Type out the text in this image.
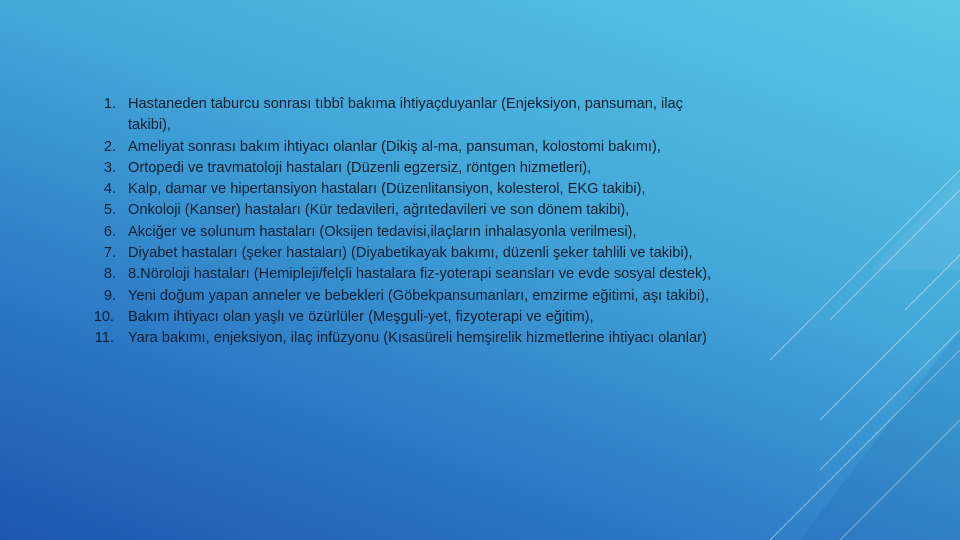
1. Hastaneden taburcu sonrası tıbbî bakıma ihtiyaçduyanlar (Enjeksiyon, pansuman, ilaç takibi),
2. Ameliyat sonrası bakım ihtiyacı olanlar (Dikiş al-ma, pansuman, kolostomi bakımı),
3. Ortopedi ve travmatoloji hastaları (Düzenli egzersiz, röntgen hizmetleri),
4. Kalp, damar ve hipertansiyon hastaları (Düzenlitansiyon, kolesterol, EKG takibi),
5. Onkoloji (Kanser) hastaları (Kür tedavileri, ağrıtedavileri ve son dönem takibi),
6. Akciğer ve solunum hastaları (Oksijen tedavisi,ilaçların inhalasyonla verilmesi),
7. Diyabet hastaları (şeker hastaları) (Diyabetikayak bakımı, düzenli şeker tahlili ve takibi),
8. 8.Nöroloji hastaları (Hemipleji/felçli hastalara fiz-yoterapi seansları ve evde sosyal destek),
9. Yeni doğum yapan anneler ve bebekleri (Göbekpansumanları, emzirme eğitimi, aşı takibi),
10. Bakım ihtiyacı olan yaşlı ve özürlüler (Meşguli-yet, fizyoterapi ve eğitim),
11. Yara bakımı, enjeksiyon, ilaç infüzyonu (Kısasüreli hemşirelik hizmetlerine ihtiyacı olanlar)
